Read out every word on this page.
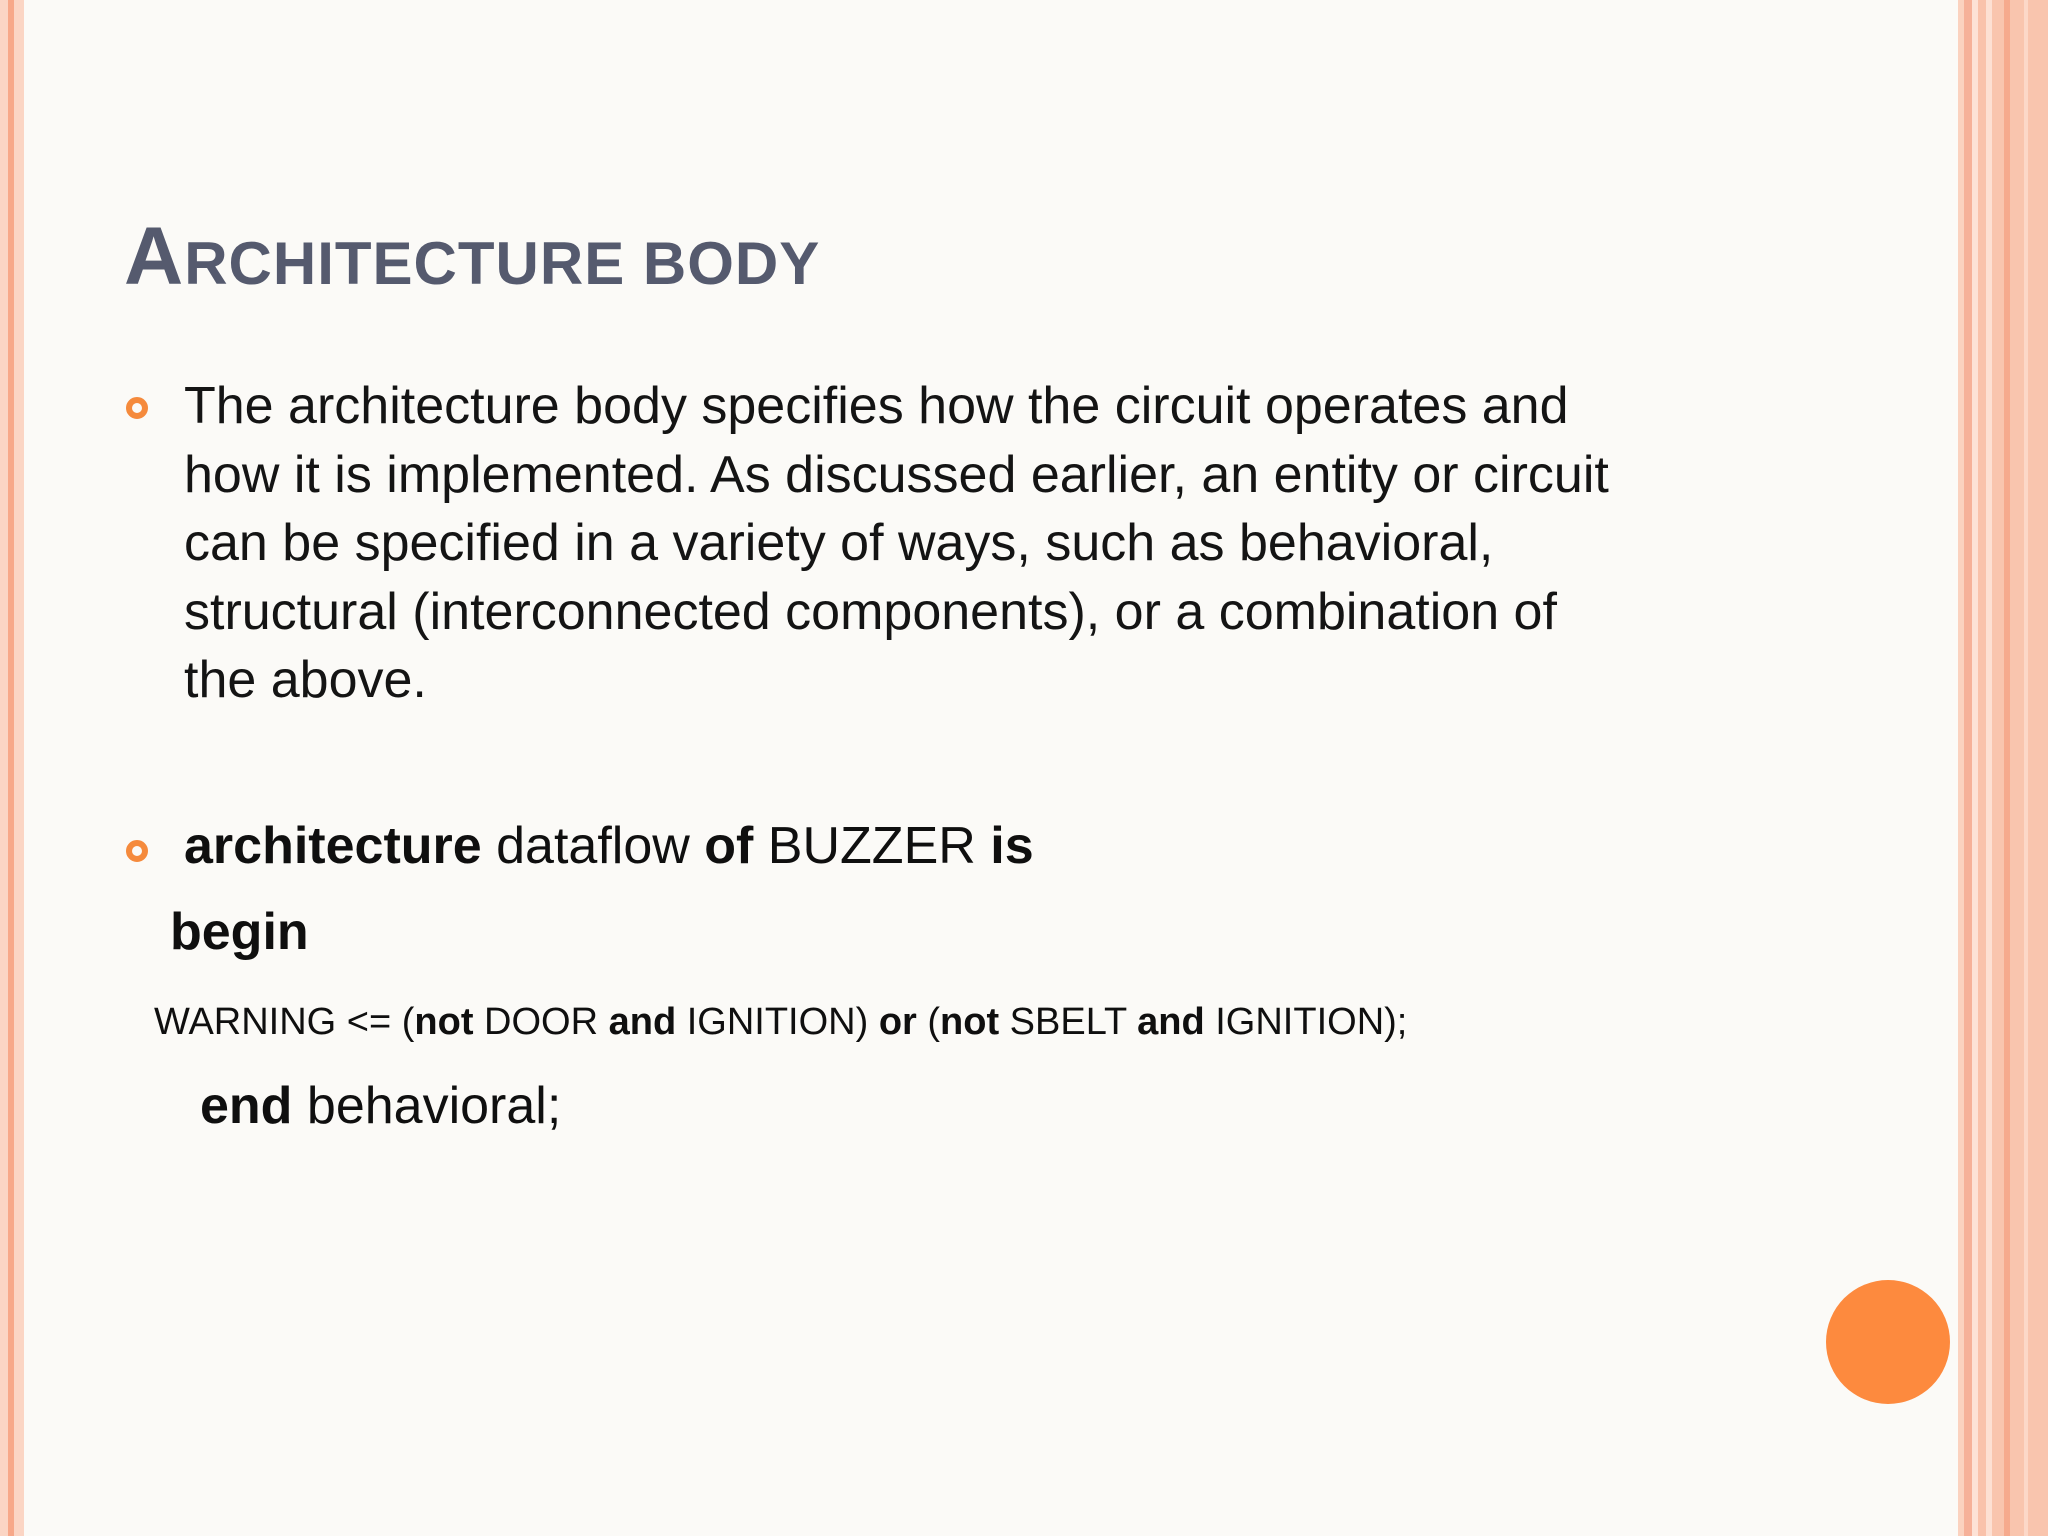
ARCHITECTURE BODY
The architecture body specifies how the circuit operates and
how it is implemented. As discussed earlier, an entity or circuit
can be specified in a variety of ways, such as behavioral,
structural (interconnected components), or a combination of
the above.
architecture dataflow of BUZZER is
begin
WARNING <= (not DOOR and IGNITION) or (not SBELT and IGNITION);
end behavioral;
